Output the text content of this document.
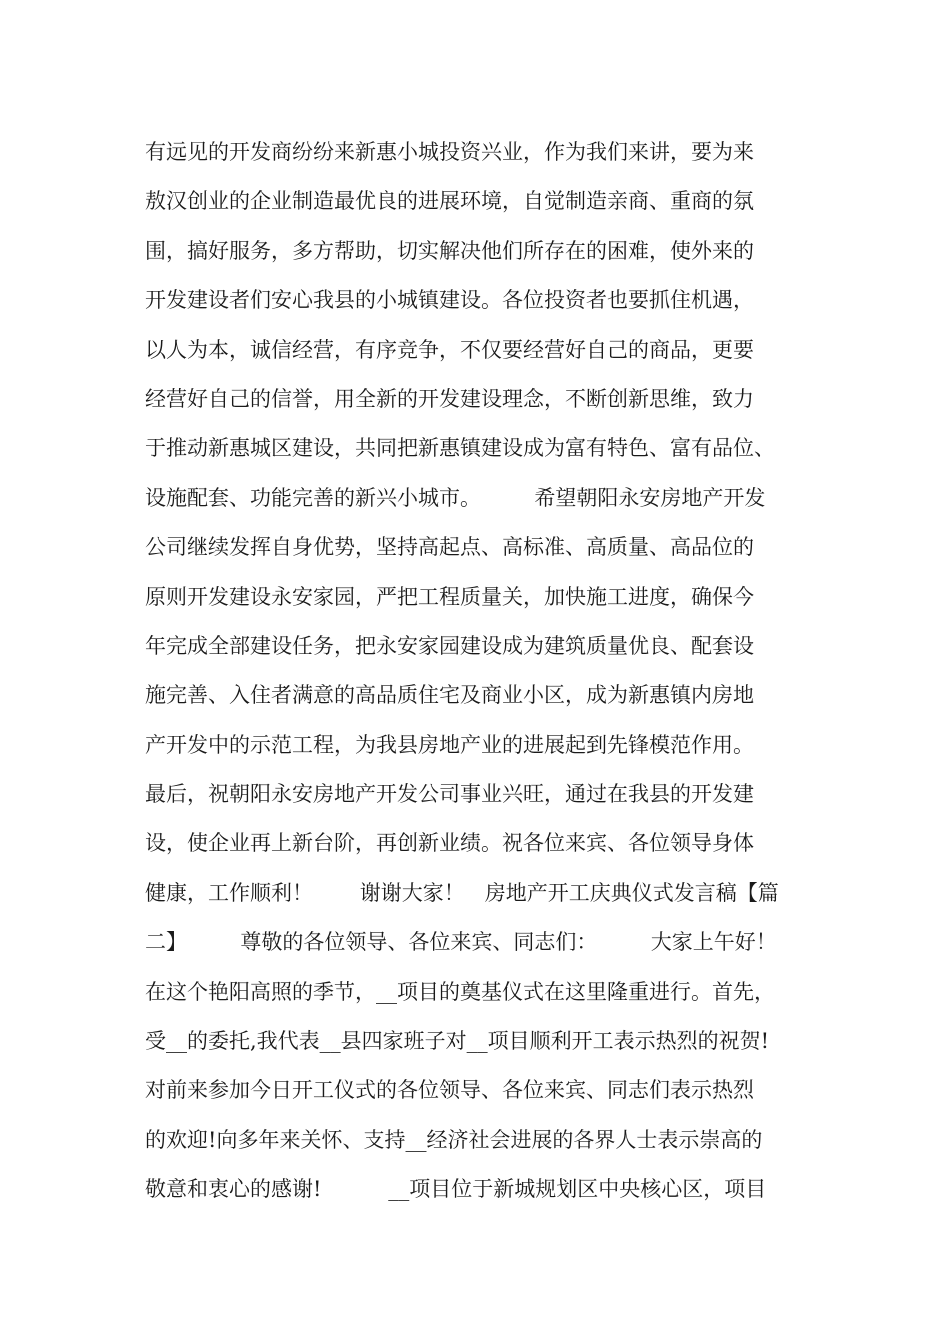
有远见的开发商纷纷来新惠小城投资兴业，作为我们来讲，要为来
敖汉创业的企业制造最优良的进展环境，自觉制造亲商、重商的氛
围，搞好服务，多方帮助，切实解决他们所存在的困难，使外来的
开发建设者们安心我县的小城镇建设。各位投资者也要抓住机遇，
以人为本，诚信经营，有序竞争，不仅要经营好自己的商品，更要
经营好自己的信誉，用全新的开发建设理念，不断创新思维，致力
于推动新惠城区建设，共同把新惠镇建设成为富有特色、富有品位、
设施配套、功能完善的新兴小城市。        希望朝阳永安房地产开发
公司继续发挥自身优势，坚持高起点、高标准、高质量、高品位的
原则开发建设永安家园，严把工程质量关，加快施工进度，确保今
年完成全部建设任务，把永安家园建设成为建筑质量优良、配套设
施完善、入住者满意的高品质住宅及商业小区，成为新惠镇内房地
产开发中的示范工程，为我县房地产业的进展起到先锋模范作用。
最后，祝朝阳永安房地产开发公司事业兴旺，通过在我县的开发建
设，使企业再上新台阶，再创新业绩。祝各位来宾、各位领导身体
健康，工作顺利！       谢谢大家！   房地产开工庆典仪式发言稿【篇
二】        尊敬的各位领导、各位来宾、同志们：        大家上午好！
在这个艳阳高照的季节，__项目的奠基仪式在这里隆重进行。首先，
受__的委托,我代表__县四家班子对__项目顺利开工表示热烈的祝贺!
对前来参加今日开工仪式的各位领导、各位来宾、同志们表示热烈
的欢迎!向多年来关怀、支持__经济社会进展的各界人士表示崇高的
敬意和衷心的感谢!          __项目位于新城规划区中央核心区，项目
